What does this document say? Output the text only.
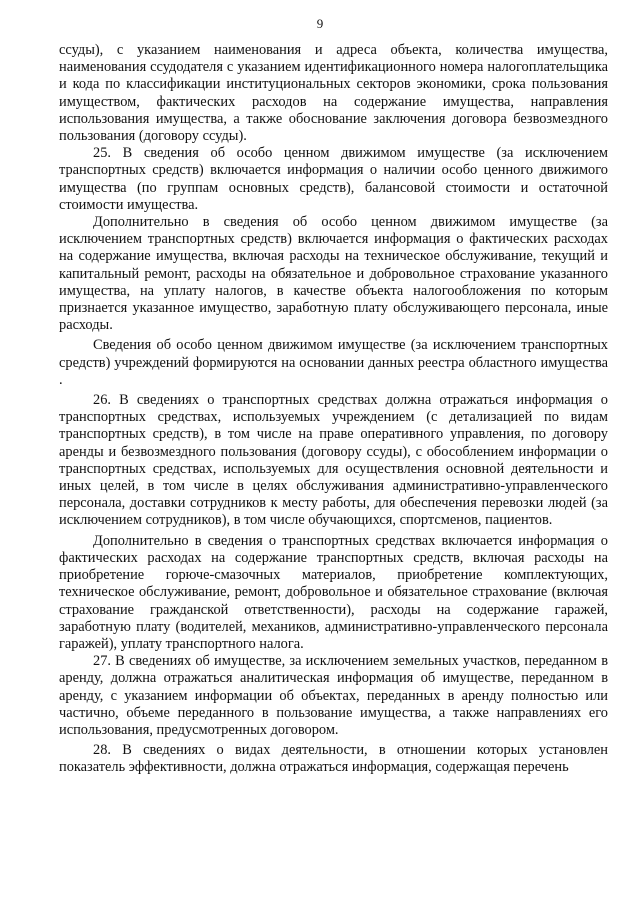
9

ссуды), с указанием наименования и адреса объекта, количества имущества, наименования ссудодателя с указанием идентификационного номера налогоплательщика и кода по классификации институциональных секторов экономики, срока пользования имуществом, фактических расходов на содержание имущества, направления использования имущества, а также обоснование заключения договора безвозмездного пользования (договору ссуды).

25. В сведения об особо ценном движимом имуществе (за исключением транспортных средств) включается информация о наличии особо ценного движимого имущества (по группам основных средств), балансовой стоимости и остаточной стоимости имущества.

Дополнительно в сведения об особо ценном движимом имуществе (за исключением транспортных средств) включается информация о фактических расходах на содержание имущества, включая расходы на техническое обслуживание, текущий и капитальный ремонт, расходы на обязательное и добровольное страхование указанного имущества, на уплату налогов, в качестве объекта налогообложения по которым признается указанное имущество, заработную плату обслуживающего персонала, иные расходы.

Сведения об особо ценном движимом имуществе (за исключением транспортных средств) учреждений формируются на основании данных реестра областного имущества .

26. В сведениях о транспортных средствах должна отражаться информация о транспортных средствах, используемых учреждением (с детализацией по видам транспортных средств), в том числе на праве оперативного управления, по договору аренды и безвозмездного пользования (договору ссуды), с обособлением информации о транспортных средствах, используемых для осуществления основной деятельности и иных целей, в том числе в целях обслуживания административно-управленческого персонала, доставки сотрудников к месту работы, для обеспечения перевозки людей (за исключением сотрудников), в том числе обучающихся, спортсменов, пациентов.

Дополнительно в сведения о транспортных средствах включается информация о фактических расходах на содержание транспортных средств, включая расходы на приобретение горюче-смазочных материалов, приобретение комплектующих, техническое обслуживание, ремонт, добровольное и обязательное страхование (включая страхование гражданской ответственности), расходы на содержание гаражей, заработную плату (водителей, механиков, административно-управленческого персонала гаражей), уплату транспортного налога.

27. В сведениях об имуществе, за исключением земельных участков, переданном в аренду, должна отражаться аналитическая информация об имуществе, переданном в аренду, с указанием информации об объектах, переданных в аренду полностью или частично, объеме переданного в пользование имущества, а также направлениях его использования, предусмотренных договором.

28. В сведениях о видах деятельности, в отношении которых установлен показатель эффективности, должна отражаться информация, содержащая перечень
